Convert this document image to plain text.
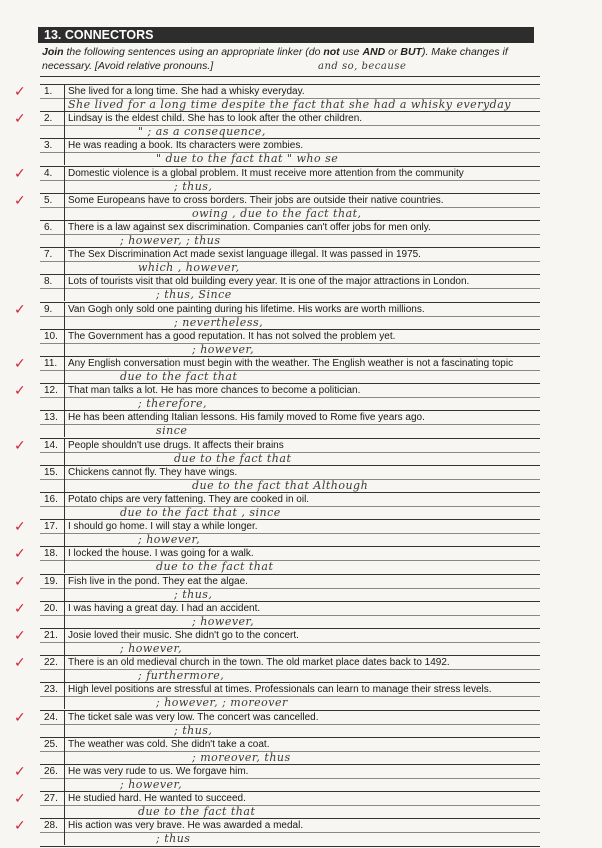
13. CONNECTORS
Join the following sentences using an appropriate linker (do not use AND or BUT). Make changes if necessary. [Avoid relative pronouns.]	and so, because
1.	She lived for a long time. She had a whisky everyday.
She lived for a long time despite the fact that she had a whisky everyday
✓
2.	Lindsay is the eldest child. She has to look after the other children.
" ; as a consequence,
✓
3.	He was reading a book. Its characters were zombies.
" due to the fact that " who se
4.	Domestic violence is a global problem. It must receive more attention from the community
; thus,
✓
5.	Some Europeans have to cross borders. Their jobs are outside their native countries.
owing , due to the fact that,
✓
6.	There is a law against sex discrimination. Companies can't offer jobs for men only.
; however, ; thus
7.	The Sex Discrimination Act made sexist language illegal. It was passed in 1975.
which , however,
8.	Lots of tourists visit that old building every year. It is one of the major attractions in London.
; thus, Since
9.	Van Gogh only sold one painting during his lifetime. His works are worth millions.
; nevertheless,
✓
10.	The Government has a good reputation. It has not solved the problem yet.
; however,
11.	Any English conversation must begin with the weather. The English weather is not a fascinating topic
due to the fact that
✓
12.	That man talks a lot. He has more chances to become a politician.
; therefore,
✓
13.	He has been attending Italian lessons. His family moved to Rome five years ago.
since
14.	People shouldn't use drugs. It affects their brains
due to the fact that
✓
15.	Chickens cannot fly. They have wings.
due to the fact that Although
16.	Potato chips are very fattening. They are cooked in oil.
due to the fact that , since
17.	I should go home. I will stay a while longer.
; however,
✓
18.	I locked the house. I was going for a walk.
due to the fact that
✓
19.	Fish live in the pond. They eat the algae.
; thus,
✓
20.	I was having a great day. I had an accident.
; however,
✓
21.	Josie loved their music. She didn't go to the concert.
; however,
✓
22.	There is an old medieval church in the town. The old market place dates back to 1492.
; furthermore,
✓
23.	High level positions are stressful at times. Professionals can learn to manage their stress levels.
; however, ; moreover
24.	The ticket sale was very low. The concert was cancelled.
; thus,
✓
25.	The weather was cold. She didn't take a coat.
; moreover, thus
26.	He was very rude to us. We forgave him.
; however,
✓
27.	He studied hard. He wanted to succeed.
due to the fact that
✓
28.	His action was very brave. He was awarded a medal.
; thus
✓
